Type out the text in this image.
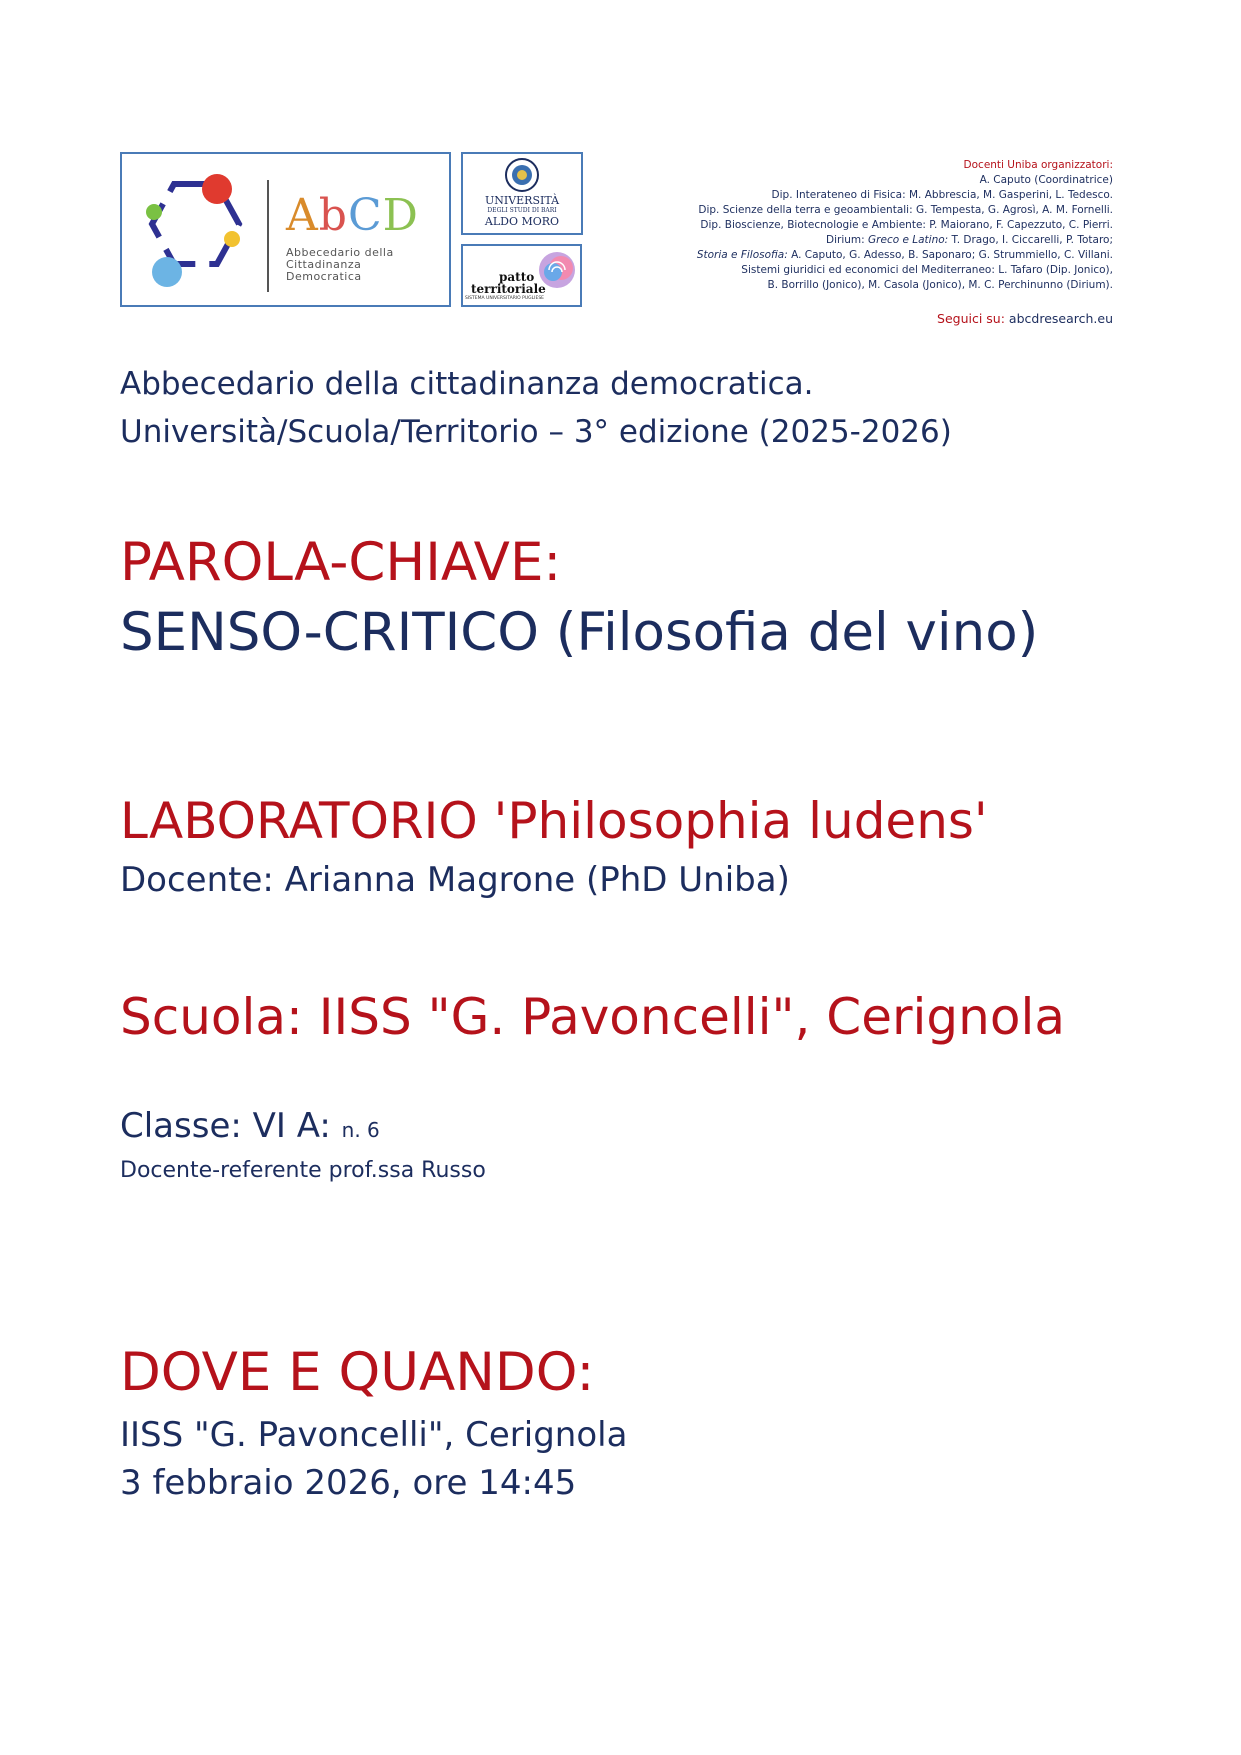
AbCD
Abbecedario della
Cittadinanza
Democratica
UNIVERSITÀ
DEGLI STUDI DI BARI
ALDO MORO
patto
territoriale
SISTEMA UNIVERSITARIO PUGLIESE
Docenti Uniba organizzatori:
A. Caputo (Coordinatrice)
Dip. Interateneo di Fisica: M. Abbrescia, M. Gasperini, L. Tedesco.
Dip. Scienze della terra e geoambientali: G. Tempesta, G. Agrosì, A. M. Fornelli.
Dip. Bioscienze, Biotecnologie e Ambiente: P. Maiorano, F. Capezzuto, C. Pierri.
Dirium: Greco e Latino: T. Drago, I. Ciccarelli, P. Totaro;
Storia e Filosofia: A. Caputo, G. Adesso, B. Saponaro; G. Strummiello, C. Villani.
Sistemi giuridici ed economici del Mediterraneo: L. Tafaro (Dip. Jonico),
B. Borrillo (Jonico), M. Casola (Jonico), M. C. Perchinunno (Dirium).
Seguici su: abcdresearch.eu
Abbecedario della cittadinanza democratica.
Università/Scuola/Territorio – 3° edizione (2025-2026)
PAROLA-CHIAVE:
SENSO-CRITICO (Filosofia del vino)
LABORATORIO 'Philosophia ludens'
Docente: Arianna Magrone (PhD Uniba)
Scuola: IISS "G. Pavoncelli", Cerignola
Classe: VI A: n. 6
Docente-referente prof.ssa Russo
DOVE E QUANDO:
IISS "G. Pavoncelli", Cerignola
3 febbraio 2026, ore 14:45
